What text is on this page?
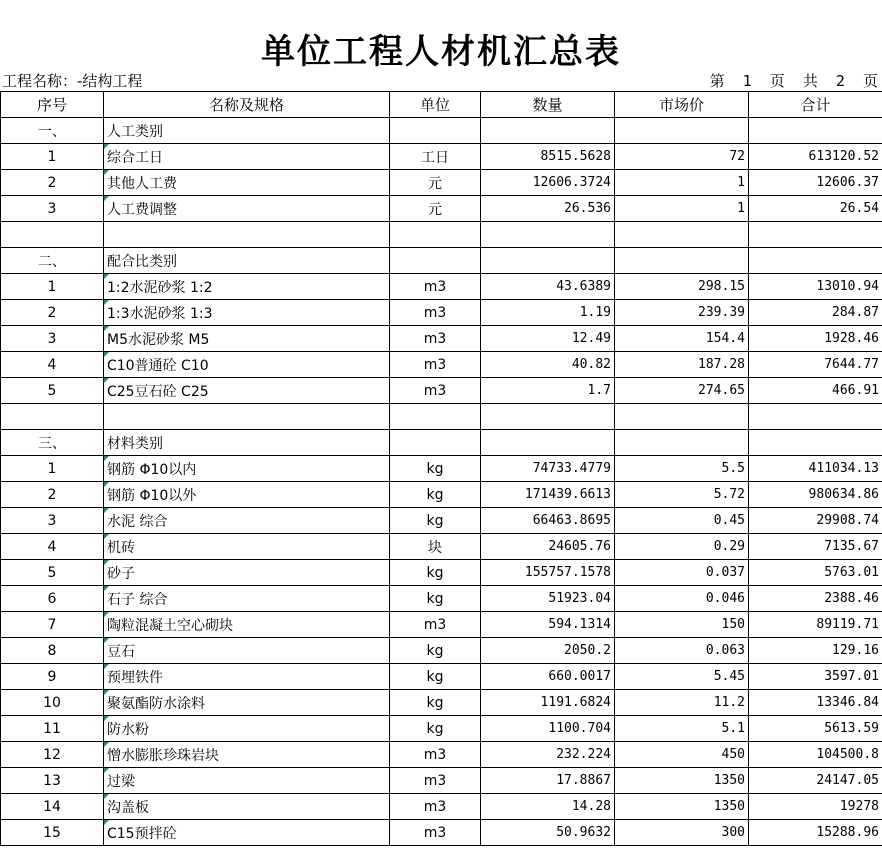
单位工程人材机汇总表
工程名称：-结构工程	第  1  页  共  2  页
序号	名称及规格	单位	数量	市场价	合计
一、	人工类别				
1	综合工日	工日	8515.5628	72	613120.52
2	其他人工费	元	12606.3724	1	12606.37
3	人工费调整	元	26.536	1	26.54

二、	配合比类别				
1	1:2水泥砂浆 1:2	m3	43.6389	298.15	13010.94
2	1:3水泥砂浆 1:3	m3	1.19	239.39	284.87
3	M5水泥砂浆 M5	m3	12.49	154.4	1928.46
4	C10普通砼 C10	m3	40.82	187.28	7644.77
5	C25豆石砼 C25	m3	1.7	274.65	466.91

三、	材料类别				
1	钢筋 Φ10以内	kg	74733.4779	5.5	411034.13
2	钢筋 Φ10以外	kg	171439.6613	5.72	980634.86
3	水泥 综合	kg	66463.8695	0.45	29908.74
4	机砖	块	24605.76	0.29	7135.67
5	砂子	kg	155757.1578	0.037	5763.01
6	石子 综合	kg	51923.04	0.046	2388.46
7	陶粒混凝土空心砌块	m3	594.1314	150	89119.71
8	豆石	kg	2050.2	0.063	129.16
9	预埋铁件	kg	660.0017	5.45	3597.01
10	聚氨酯防水涂料	kg	1191.6824	11.2	13346.84
11	防水粉	kg	1100.704	5.1	5613.59
12	憎水膨胀珍珠岩块	m3	232.224	450	104500.8
13	过梁	m3	17.8867	1350	24147.05
14	沟盖板	m3	14.28	1350	19278
15	C15预拌砼	m3	50.9632	300	15288.96
